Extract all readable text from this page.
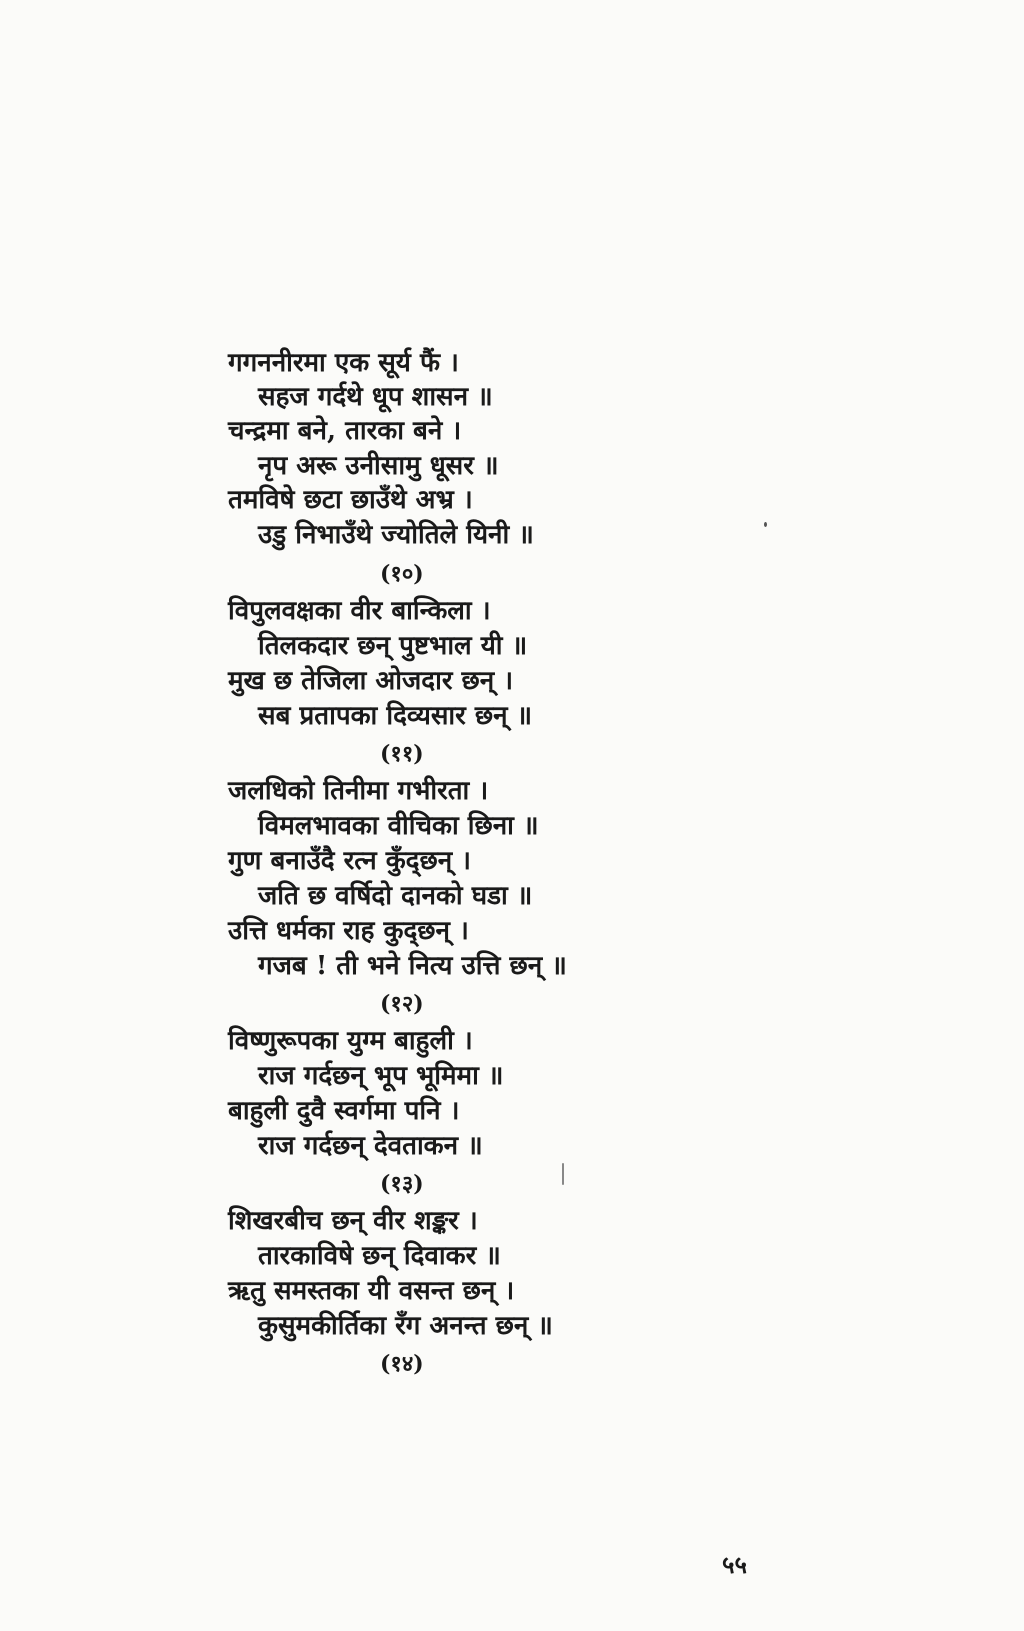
गगननीरमा एक सूर्य फैं ।
सहज गर्दथे धूप शासन ॥
चन्द्रमा बने, तारका बने ।
नृप अरू उनीसामु धूसर ॥
तमविषे छटा छाउँथे अभ्र ।
उडु निभाउँथे ज्योतिले यिनी ॥
(१०)
विपुलवक्षका वीर बान्किला ।
तिलकदार छन् पुष्टभाल यी ॥
मुख छ तेजिला ओजदार छन् ।
सब प्रतापका दिव्यसार छन् ॥
(११)
जलधिको तिनीमा गभीरता ।
विमलभावका वीचिका छिना ॥
गुण बनाउँदै रत्न कुँद्छन् ।
जति छ वर्षिदो दानको घडा ॥
उत्ति धर्मका राह कुद्छन् ।
गजब ! ती भने नित्य उत्ति छन् ॥
(१२)
विष्णुरूपका युग्म बाहुली ।
राज गर्दछन् भूप भूमिमा ॥
बाहुली दुवै स्वर्गमा पनि ।
राज गर्दछन् देवताकन ॥
(१३)
शिखरबीच छन् वीर शङ्कर ।
तारकाविषे छन् दिवाकर ॥
ऋतु समस्तका यी वसन्त छन् ।
कुसुमकीर्तिका रँग अनन्त छन् ॥
(१४)
५५
